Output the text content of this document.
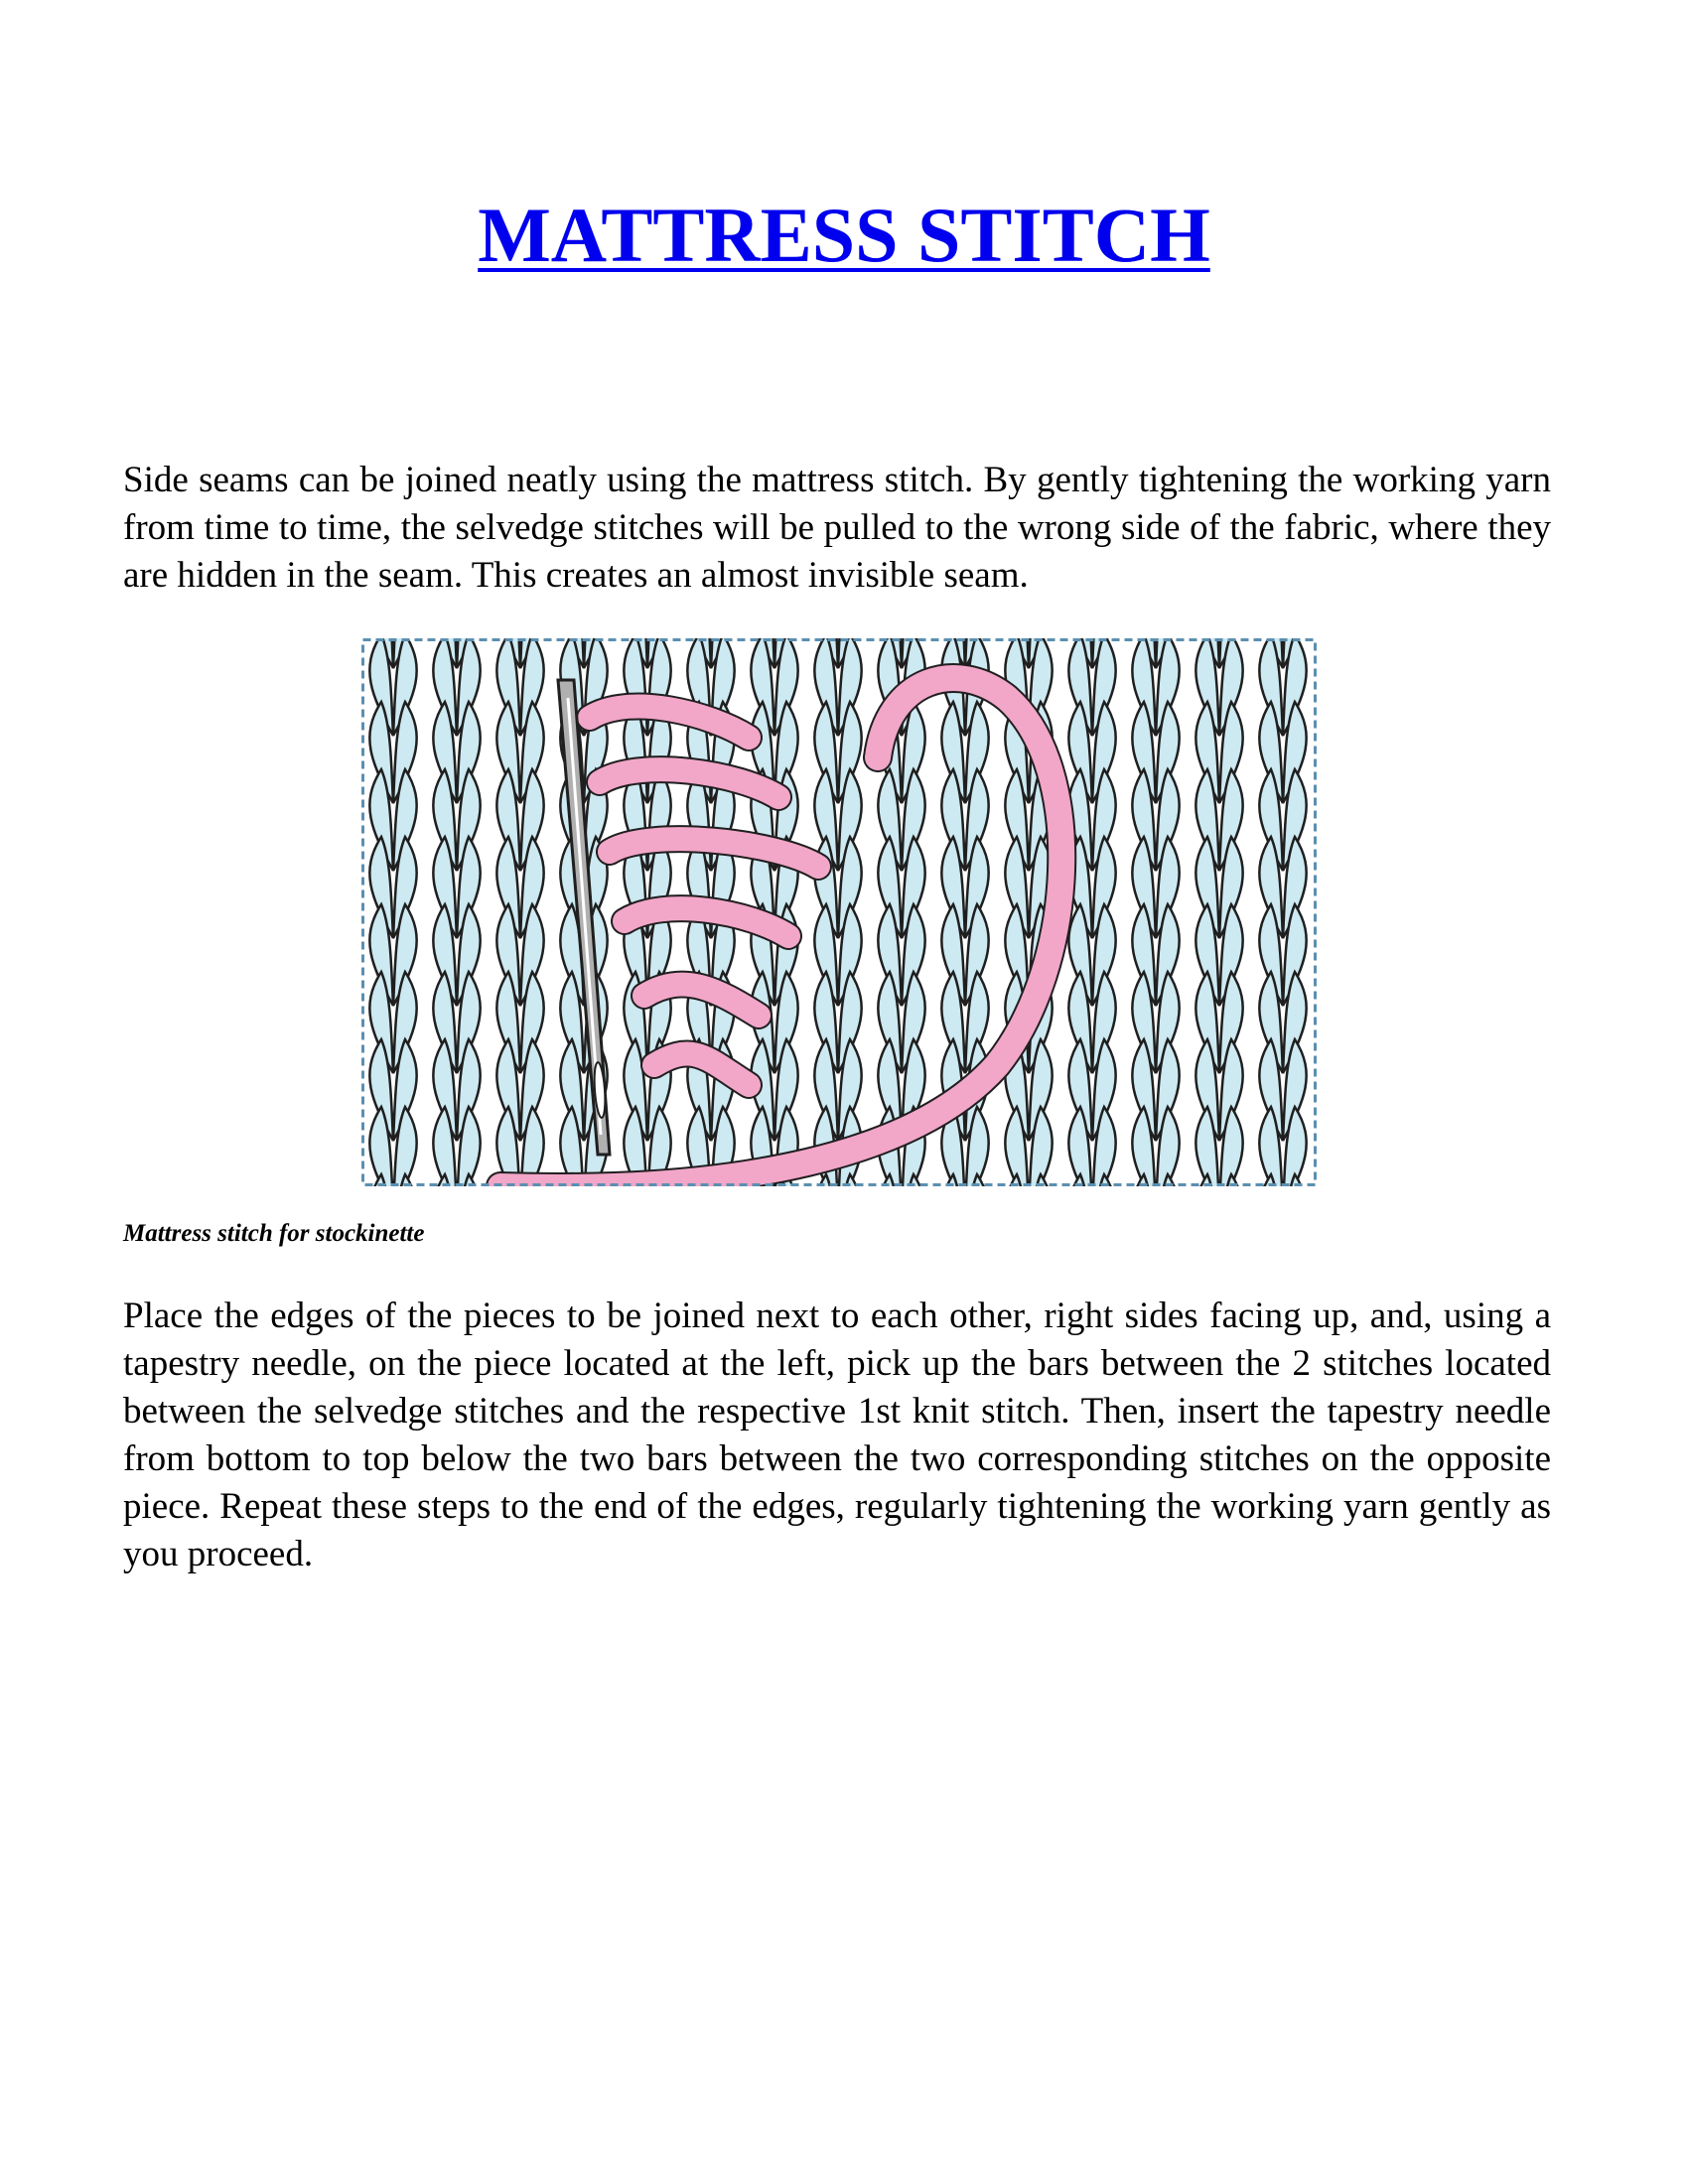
MATTRESS STITCH

Side seams can be joined neatly using the mattress stitch. By gently tightening the working yarn from time to time, the selvedge stitches will be pulled to the wrong side of the fabric, where they are hidden in the seam. This creates an almost invisible seam.

Mattress stitch for stockinette

Place the edges of the pieces to be joined next to each other, right sides facing up, and, using a tapestry needle, on the piece located at the left, pick up the bars between the 2 stitches located between the selvedge stitches and the respective 1st knit stitch. Then, insert the tapestry needle from bottom to top below the two bars between the two corresponding stitches on the opposite piece. Repeat these steps to the end of the edges, regularly tightening the working yarn gently as you proceed.
